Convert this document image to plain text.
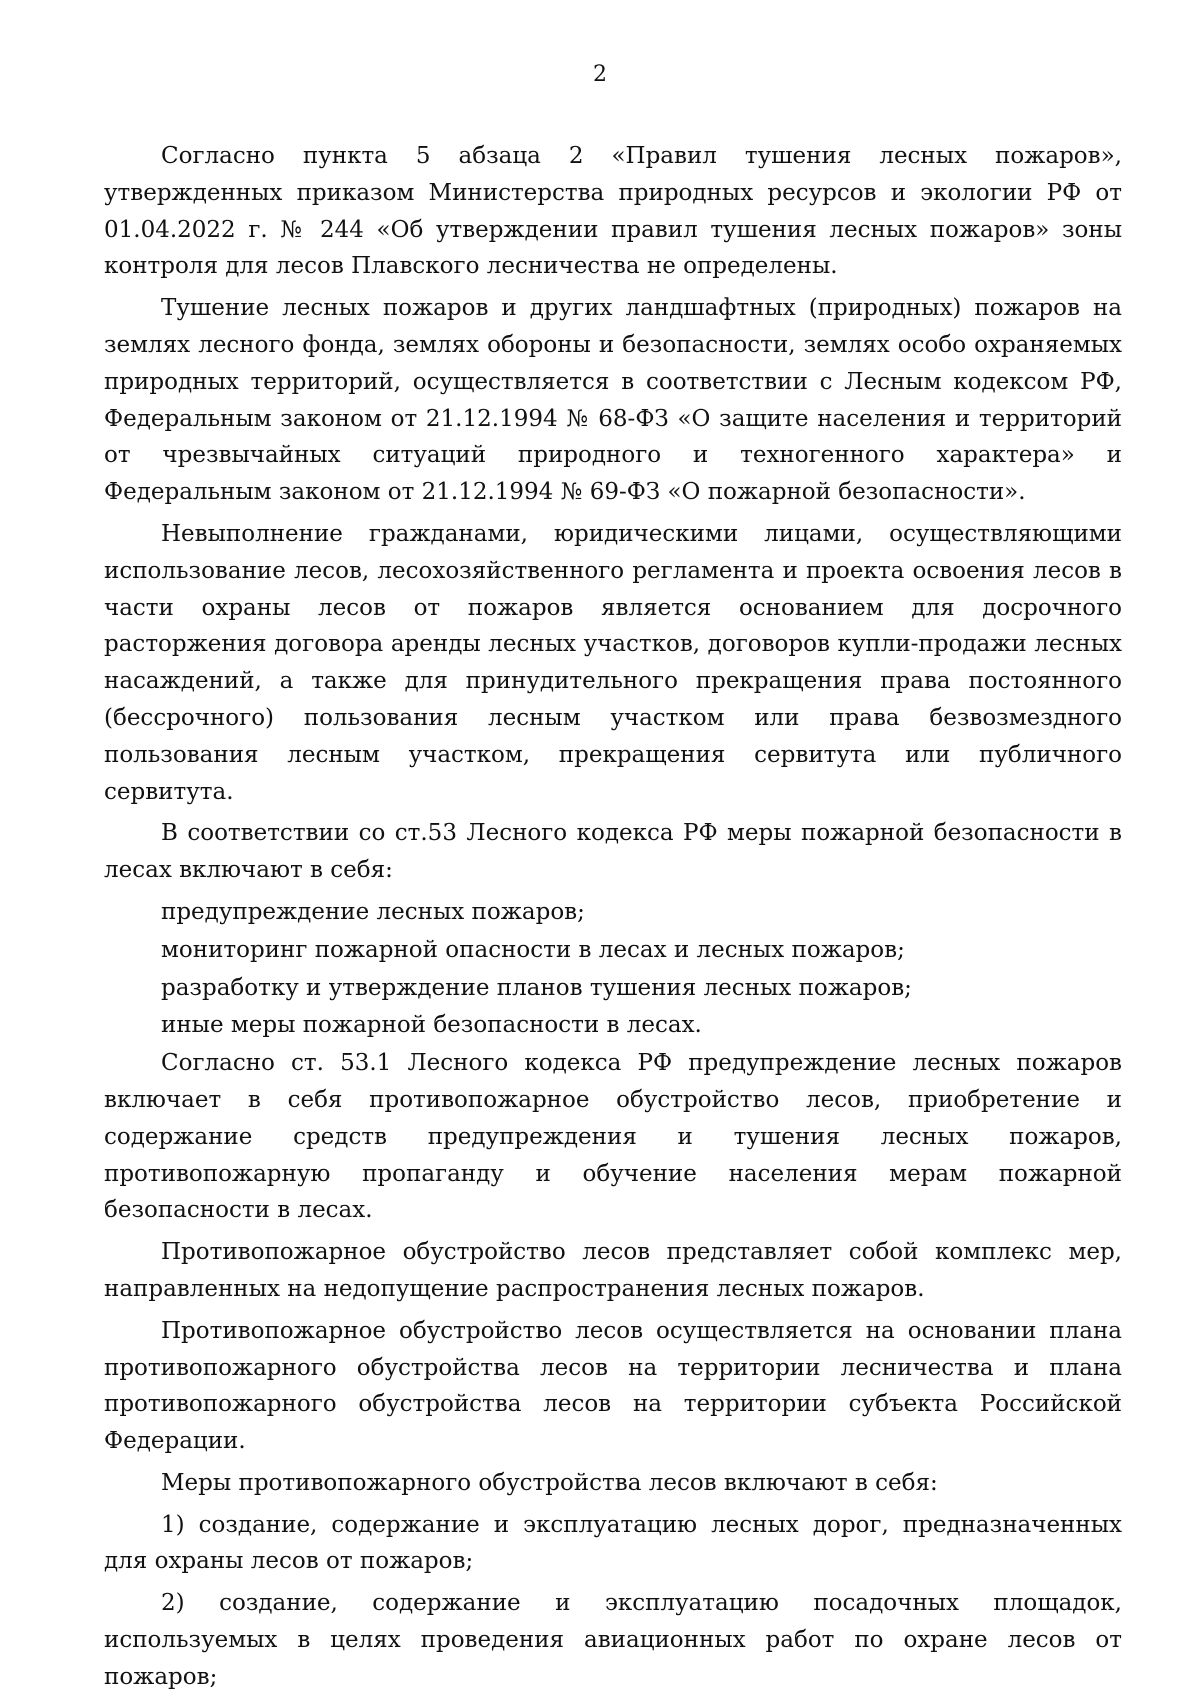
2

Согласно пункта 5 абзаца 2 «Правил тушения лесных пожаров», утвержденных приказом Министерства природных ресурсов и экологии РФ от 01.04.2022 г. № 244 «Об утверждении правил тушения лесных пожаров» зоны контроля для лесов Плавского лесничества не определены.

Тушение лесных пожаров и других ландшафтных (природных) пожаров на землях лесного фонда, землях обороны и безопасности, землях особо охраняемых природных территорий, осуществляется в соответствии с Лесным кодексом РФ, Федеральным законом от 21.12.1994 № 68-ФЗ «О защите населения и территорий от чрезвычайных ситуаций природного и техногенного характера» и Федеральным законом от 21.12.1994 № 69-ФЗ «О пожарной безопасности».

Невыполнение гражданами, юридическими лицами, осуществляющими использование лесов, лесохозяйственного регламента и проекта освоения лесов в части охраны лесов от пожаров является основанием для досрочного расторжения договора аренды лесных участков, договоров купли-продажи лесных насаждений, а также для принудительного прекращения права постоянного (бессрочного) пользования лесным участком или права безвозмездного пользования лесным участком, прекращения сервитута или публичного сервитута.

В соответствии со ст.53 Лесного кодекса РФ меры пожарной безопасности в лесах включают в себя:

предупреждение лесных пожаров;

мониторинг пожарной опасности в лесах и лесных пожаров;

разработку и утверждение планов тушения лесных пожаров;

иные меры пожарной безопасности в лесах.

Согласно ст. 53.1 Лесного кодекса РФ предупреждение лесных пожаров включает в себя противопожарное обустройство лесов, приобретение и содержание средств предупреждения и тушения лесных пожаров, противопожарную пропаганду и обучение населения мерам пожарной безопасности в лесах.

Противопожарное обустройство лесов представляет собой комплекс мер, направленных на недопущение распространения лесных пожаров.

Противопожарное обустройство лесов осуществляется на основании плана противопожарного обустройства лесов на территории лесничества и плана противопожарного обустройства лесов на территории субъекта Российской Федерации.

Меры противопожарного обустройства лесов включают в себя:

1) создание, содержание и эксплуатацию лесных дорог, предназначенных для охраны лесов от пожаров;

2) создание, содержание и эксплуатацию посадочных площадок, используемых в целях проведения авиационных работ по охране лесов от пожаров;
